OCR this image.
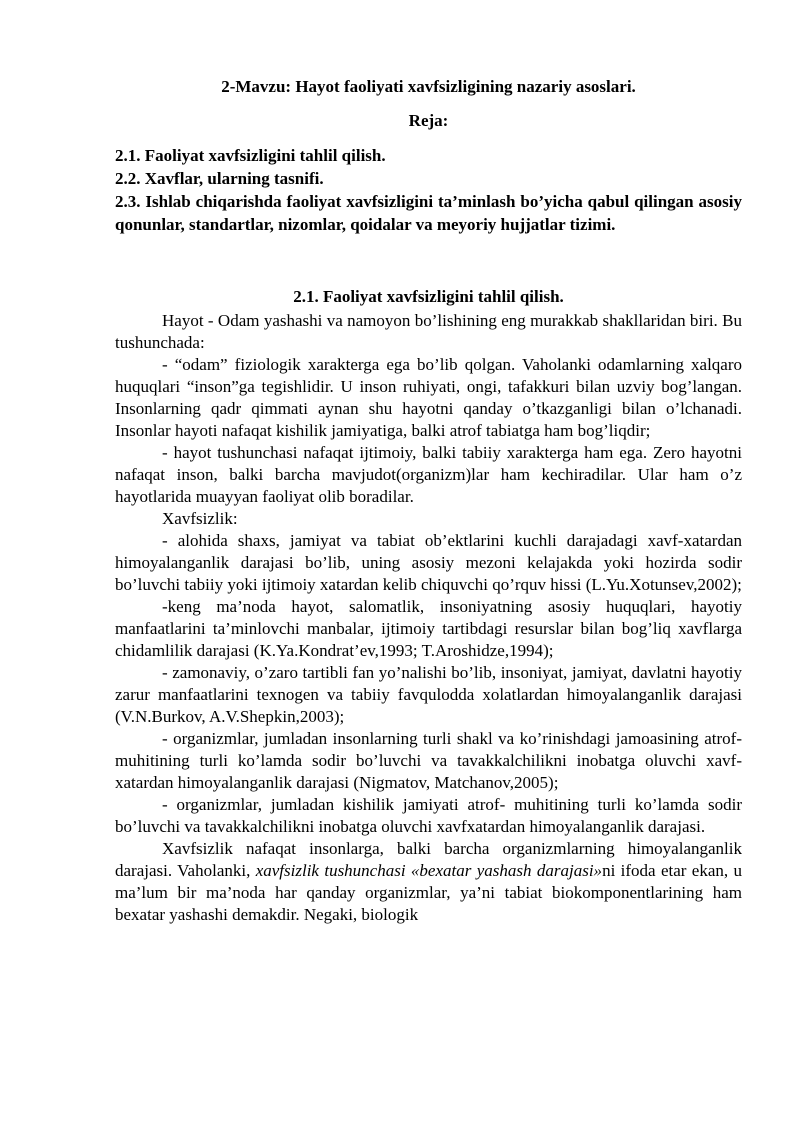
2-Mavzu: Hayot faoliyati xavfsizligining nazariy asoslari.
Reja:

2.1. Faoliyat xavfsizligini tahlil qilish.

2.2. Xavflar, ularning tasnifi.

2.3. Ishlab chiqarishda faoliyat xavfsizligini ta’minlash bo’yicha qabul qilingan asosiy qonunlar, standartlar, nizomlar, qoidalar va meyoriy hujjatlar tizimi.

2.1. Faoliyat xavfsizligini tahlil qilish.

Hayot - Odam yashashi va namoyon bo’lishining eng murakkab shakllaridan biri. Bu tushunchada:

- “odam” fiziologik xarakterga ega bo’lib qolgan. Vaholanki odamlarning xalqaro huquqlari “inson”ga tegishlidir. U inson ruhiyati, ongi, tafakkuri bilan uzviy bog’langan. Insonlarning qadr qimmati aynan shu hayotni qanday o’tkazganligi bilan o’lchanadi. Insonlar hayoti nafaqat kishilik jamiyatiga, balki atrof tabiatga ham bog’liqdir;

- hayot tushunchasi nafaqat ijtimoiy, balki tabiiy xarakterga ham ega. Zero hayotni nafaqat inson, balki barcha mavjudot(organizm)lar ham kechiradilar. Ular ham o’z hayotlarida muayyan faoliyat olib boradilar.

Xavfsizlik:

- alohida shaxs, jamiyat va tabiat ob’ektlarini kuchli darajadagi xavf-xatardan himoyalanganlik darajasi bo’lib, uning asosiy mezoni kelajakda yoki hozirda sodir bo’luvchi tabiiy yoki ijtimoiy xatardan kelib chiquvchi qo’rquv hissi (L.Yu.Xotunsev,2002);

-keng ma’noda hayot, salomatlik, insoniyatning asosiy huquqlari, hayotiy manfaatlarini ta’minlovchi manbalar, ijtimoiy tartibdagi resurslar bilan bog’liq xavflarga chidamlilik darajasi (K.Ya.Kondrat’ev,1993; T.Aroshidze,1994);

- zamonaviy, o’zaro tartibli fan yo’nalishi bo’lib, insoniyat, jamiyat, davlatni hayotiy zarur manfaatlarini texnogen va tabiiy favqulodda xolatlardan himoyalanganlik darajasi (V.N.Burkov, A.V.Shepkin,2003);

- organizmlar, jumladan insonlarning turli shakl va ko’rinishdagi jamoasining atrof-muhitining turli ko’lamda sodir bo’luvchi va tavakkalchilikni inobatga oluvchi xavf- xatardan himoyalanganlik darajasi (Nigmatov, Matchanov,2005);

- organizmlar, jumladan kishilik jamiyati atrof- muhitining turli ko’lamda sodir bo’luvchi va tavakkalchilikni inobatga oluvchi xavfxatardan himoyalanganlik darajasi.

Xavfsizlik nafaqat insonlarga, balki barcha organizmlarning himoyalanganlik darajasi. Vaholanki, xavfsizlik tushunchasi «bexatar yashash darajasi»ni ifoda etar ekan, u ma’lum bir ma’noda har qanday organizmlar, ya’ni tabiat biokomponentlarining ham bexatar yashashi demakdir. Negaki, biologik
